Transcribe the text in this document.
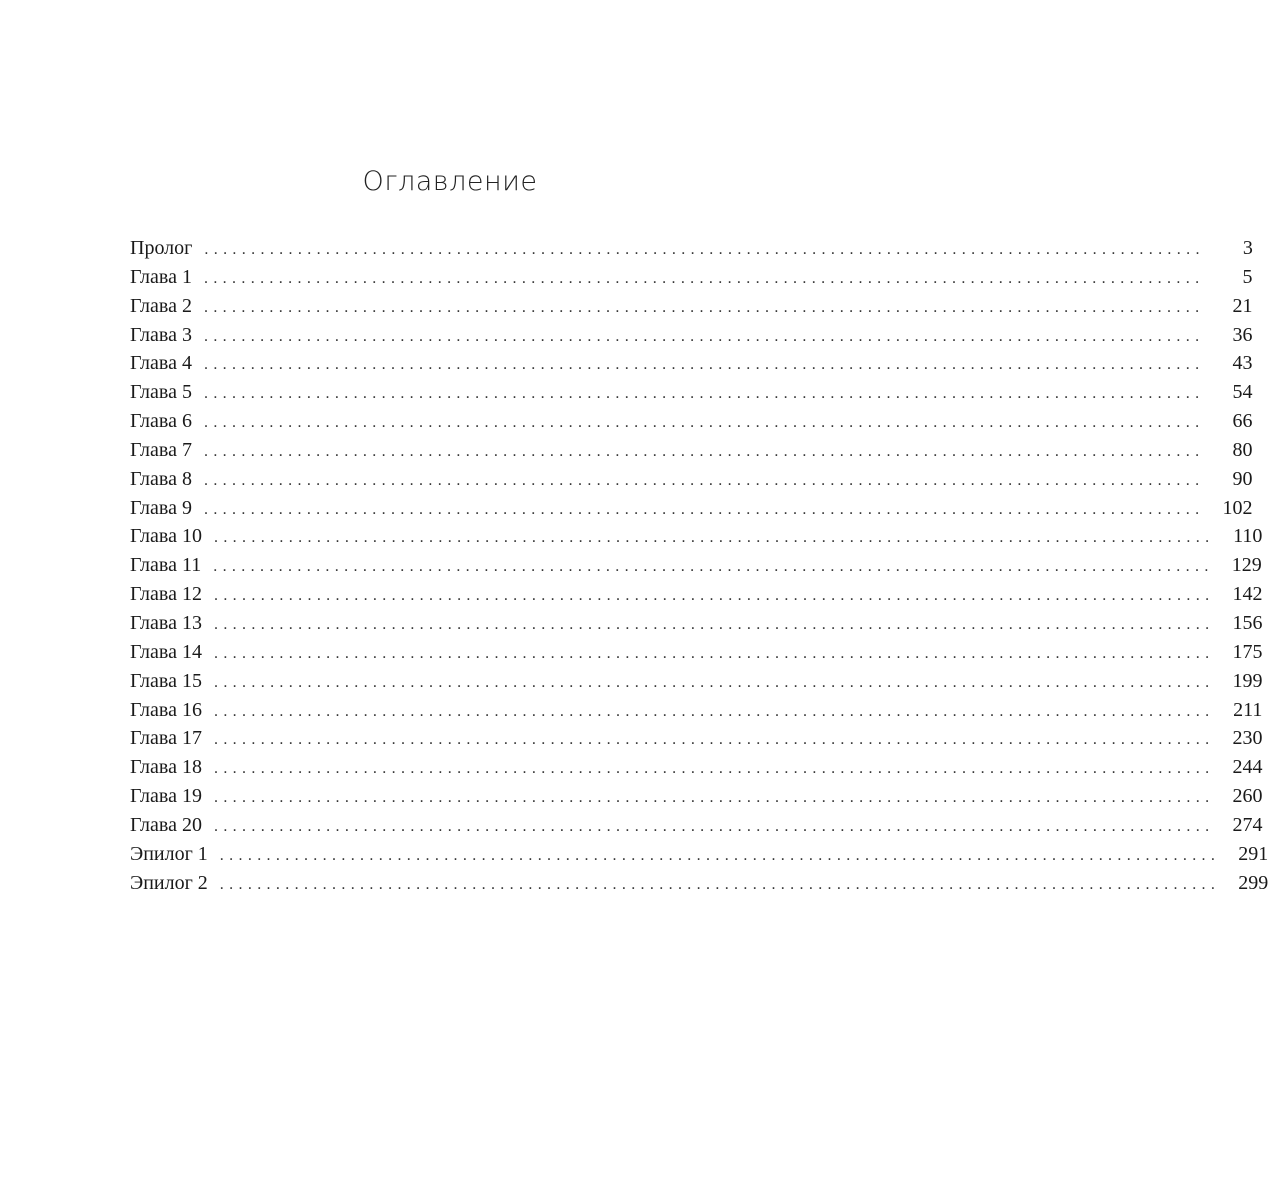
Оглавление
Пролог ...........................................................................................................	3
Глава 1 ...........................................................................................................	5
Глава 2 ...........................................................................................................	21
Глава 3 ...........................................................................................................	36
Глава 4 ...........................................................................................................	43
Глава 5 ...........................................................................................................	54
Глава 6 ...........................................................................................................	66
Глава 7 ...........................................................................................................	80
Глава 8 ...........................................................................................................	90
Глава 9 ........................................................................................................... 102
Глава 10 ........................................................................................................... 110
Глава 11 ........................................................................................................... 129
Глава 12 ........................................................................................................... 142
Глава 13 ........................................................................................................... 156
Глава 14 ........................................................................................................... 175
Глава 15 ........................................................................................................... 199
Глава 16 ........................................................................................................... 211
Глава 17 ........................................................................................................... 230
Глава 18 ........................................................................................................... 244
Глава 19 ........................................................................................................... 260
Глава 20 ........................................................................................................... 274
Эпилог 1 ........................................................................................................... 291
Эпилог 2 ........................................................................................................... 299
